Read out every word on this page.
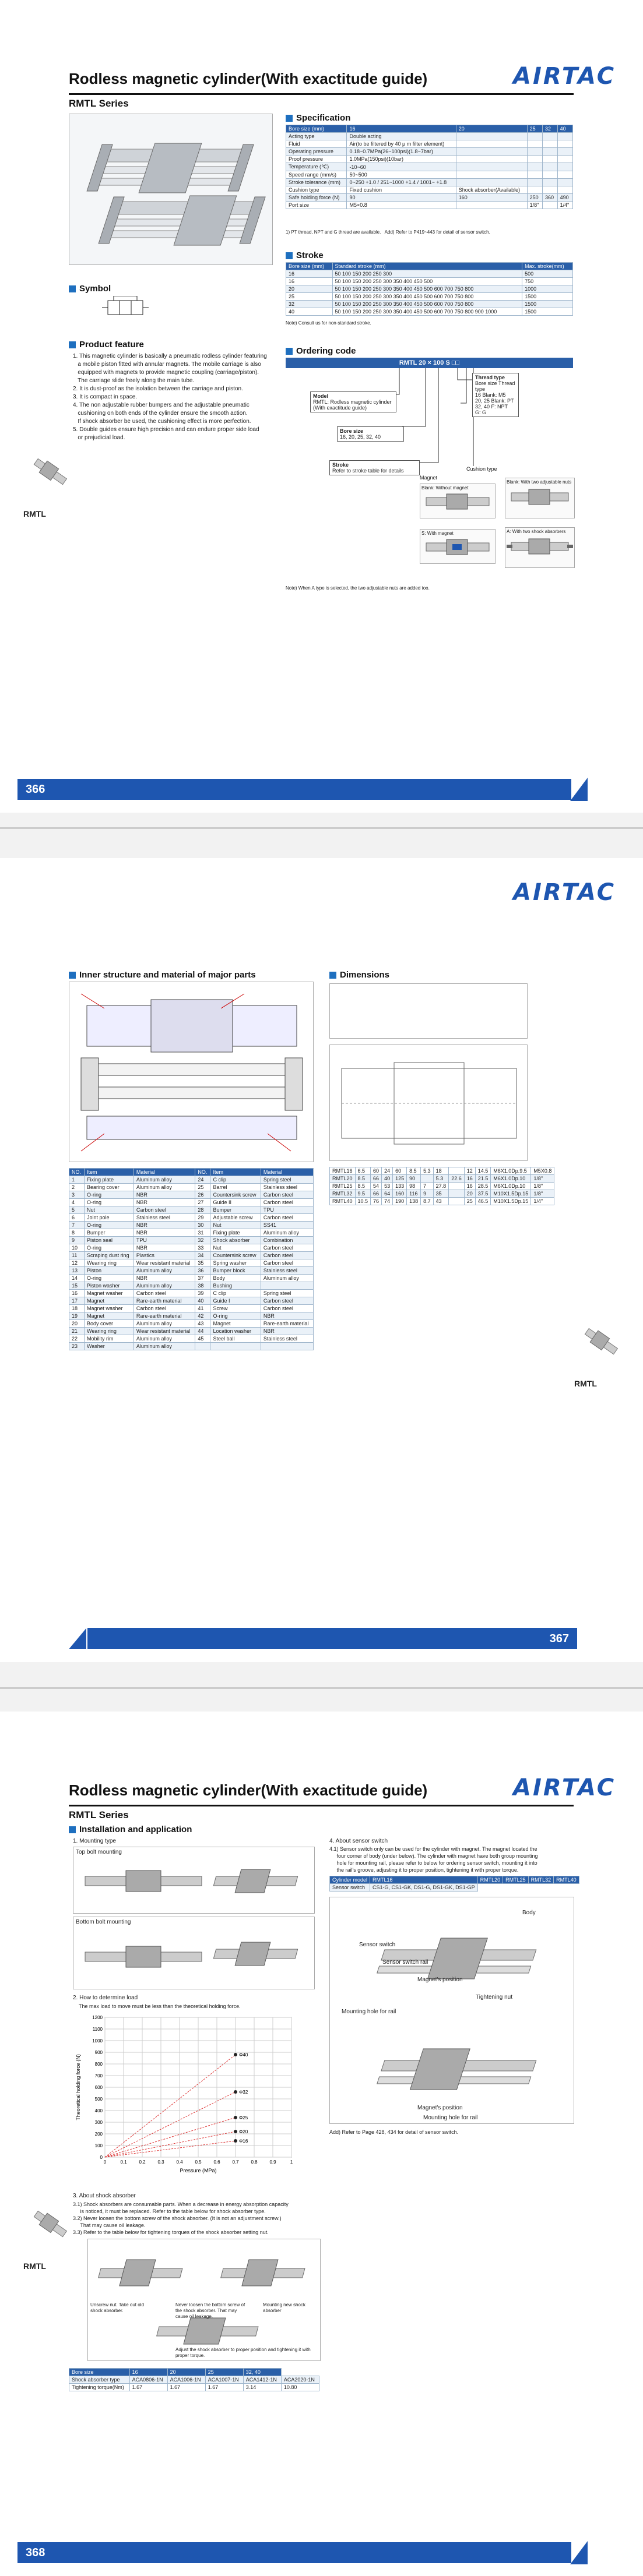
Rodless magnetic cylinder(With exactitude guide)	AIRTAC
RMTL Series
Symbol
Product feature
1. This magnetic cylinder is basically a pneumatic rodless cylinder featuring
a mobile piston fitted with annular magnets. The mobile carriage is also
equipped with magnets to provide magnetic coupling (carriage/piston).
The carriage slide freely along the main tube.
2. It is dust-proof as the isolation between the carriage and piston.
3. It is compact in space.
4. The non adjustable rubber bumpers and the adjustable pneumatic
cushioning on both ends of the cylinder ensure the smooth action.
If shock absorber be used, the cushioning effect is more perfection.
5. Double guides ensure high precision and can endure proper side load
or prejudicial load.
Specification
Bore size (mm)	16	20	25	32	40
Acting type	Double acting				
Fluid	Air(to be filtered by 40 μ m filter element)				
Operating pressure	0.18~0.7MPa(26~100psi)(1.8~7bar)				
Proof pressure	1.0MPa(150psi)(10bar)				
Temperature (℃)	-10~60				
Speed range (mm/s)	50~500				
Stroke tolerance (mm)	0~250 +1.0 / 251~1000 +1.4 / 1001~ +1.8				
Cushion type	Fixed cushion	Shock absorber(Available)			
Safe holding force (N)	90	160	250	360	490
Port size	M5×0.8		1/8"		1/4"
1) PT thread, NPT and G thread are available. Add) Refer to P419~443 for detail of sensor switch.
Stroke
Bore size (mm)	Standard stroke (mm)	Max. stroke(mm)
16	50 100 150 200 250 300	500
16	50 100 150 200 250 300 350 400 450 500	750
20	50 100 150 200 250 300 350 400 450 500 600 700 750 800	1000
25	50 100 150 200 250 300 350 400 450 500 600 700 750 800	1500
32	50 100 150 200 250 300 350 400 450 500 600 700 750 800	1500
40	50 100 150 200 250 300 350 400 450 500 600 700 750 800 900 1000	1500
Note) Consult us for non-standard stroke.
Ordering code
RMTL 20 × 100 S □□
Model
RMTL: Rodless magnetic cylinder (With exactitude guide)
Bore size
16, 20, 25, 32, 40
Stroke
Refer to stroke table for details
Thread type
Bore size Thread type
16 Blank: M5
20, 25 Blank: PT
32, 40 F: NPT
G: G
Magnet
Cushion type
Blank: Without magnet
S: With magnet
Blank: With two adjustable nuts
A: With two shock absorbers
Note) When A type is selected, the two adjustable nuts are added too.
RMTL
366
AIRTAC
Inner structure and material of major parts	Dimensions
NO.	Item	Material	NO.	Item	Material
1	Fixing plate	Aluminum alloy	24	C clip	Spring steel
2	Bearing cover	Aluminum alloy	25	Barrel	Stainless steel
3	O-ring	NBR	26	Countersink screw	Carbon steel
4	O-ring	NBR	27	Guide II	Carbon steel
5	Nut	Carbon steel	28	Bumper	TPU
6	Joint pole	Stainless steel	29	Adjustable screw	Carbon steel
7	O-ring	NBR	30	Nut	SS41
8	Bumper	NBR	31	Fixing plate	Aluminum alloy
9	Piston seal	TPU	32	Shock absorber	Combination
10	O-ring	NBR	33	Nut	Carbon steel
11	Scraping dust ring	Plastics	34	Countersink screw	Carbon steel
12	Wearing ring	Wear resistant material	35	Spring washer	Carbon steel
13	Piston	Aluminum alloy	36	Bumper block	Stainless steel
14	O-ring	NBR	37	Body	Aluminum alloy
15	Piston washer	Aluminum alloy	38	Bushing	
16	Magnet washer	Carbon steel	39	C clip	Spring steel
17	Magnet	Rare-earth material	40	Guide I	Carbon steel
18	Magnet washer	Carbon steel	41	Screw	Carbon steel
19	Magnet	Rare-earth material	42	O-ring	NBR
20	Body cover	Aluminum alloy	43	Magnet	Rare-earth material
21	Wearing ring	Wear resistant material	44	Location washer	NBR
22	Mobility rim	Aluminum alloy	45	Steel ball	Stainless steel
23	Washer	Aluminum alloy			
RMTL16	6.5	60	24	60	8.5	5.3	18		12	14.5	M6X1.0Dp.9.5	M5X0.8
RMTL20	8.5	66	40	125	90		5.3	22.6	16	21.5	M6X1.0Dp.10	1/8"
RMTL25	8.5	54	53	133	98	7	27.8		16	28.5	M6X1.0Dp.10	1/8"
RMTL32	9.5	66	64	160	116	9	35		20	37.5	M10X1.5Dp.15	1/8"
RMTL40	10.5	76	74	190	138	8.7	43		25	46.5	M10X1.5Dp.15	1/4"
RMTL
367
Rodless magnetic cylinder(With exactitude guide)	AIRTAC
RMTL Series
Installation and application
1. Mounting type
Top bolt mounting
Bottom bolt mounting
2. How to determine load
The max load to move must be less than the theoretical holding force.
0
100
200
300
400
500
600
700
800
900
1000
1100
1200
0	0.1	0.2	0.3	0.4	0.5	0.6	0.7	0.8	0.9	1
Pressure (MPa)
Theoretical holding force (N)	Φ40
Φ32
Φ25
Φ20
Φ16
3. About shock absorber
3.1) Shock absorbers are consumable parts. When a decrease in energy absorption capacity
is noticed, it must be replaced. Refer to the table below for shock absorber type.
3.2) Never loosen the bottom screw of the shock absorber. (It is not an adjustment screw.)
That may cause oil leakage.
3.3) Refer to the table below for tightening torques of the shock absorber setting nut.
Unscrew nut. Take out old shock absorber.
Never loosen the bottom screw of the shock absorber. That may cause oil leakage.
Mounting new shock absorber
Adjust the shock absorber to proper position and tightening it with proper torque.
Bore size	16	20	25	32, 40	
Shock absorber type	ACA0806-1N	ACA1006-1N	ACA1007-1N	ACA1412-1N	ACA2020-1N
Tightening torque(Nm)	1.67	1.67	1.67	3.14	10.80
4. About sensor switch
4.1) Sensor switch only can be used for the cylinder with magnet. The magnet located the
four corner of body (under below). The cylinder with magnet have both group mounting
hole for mounting rail, please refer to below for ordering sensor switch, mounting it into
the rail's groove, adjusting it to proper position, tightening it with proper torque.
Cylinder model	RMTL16	RMTL20	RMTL25	RMTL32	RMTL40
Sensor switch	CS1-G, CS1-GK, DS1-G, DS1-GK, DS1-GP				
Body
Sensor switch
Sensor switch rail
Magnet's position
Tightening nut
Mounting hole for rail
Magnet's position
Mounting hole for rail
Add) Refer to Page 428, 434 for detail of sensor switch.
RMTL
368
